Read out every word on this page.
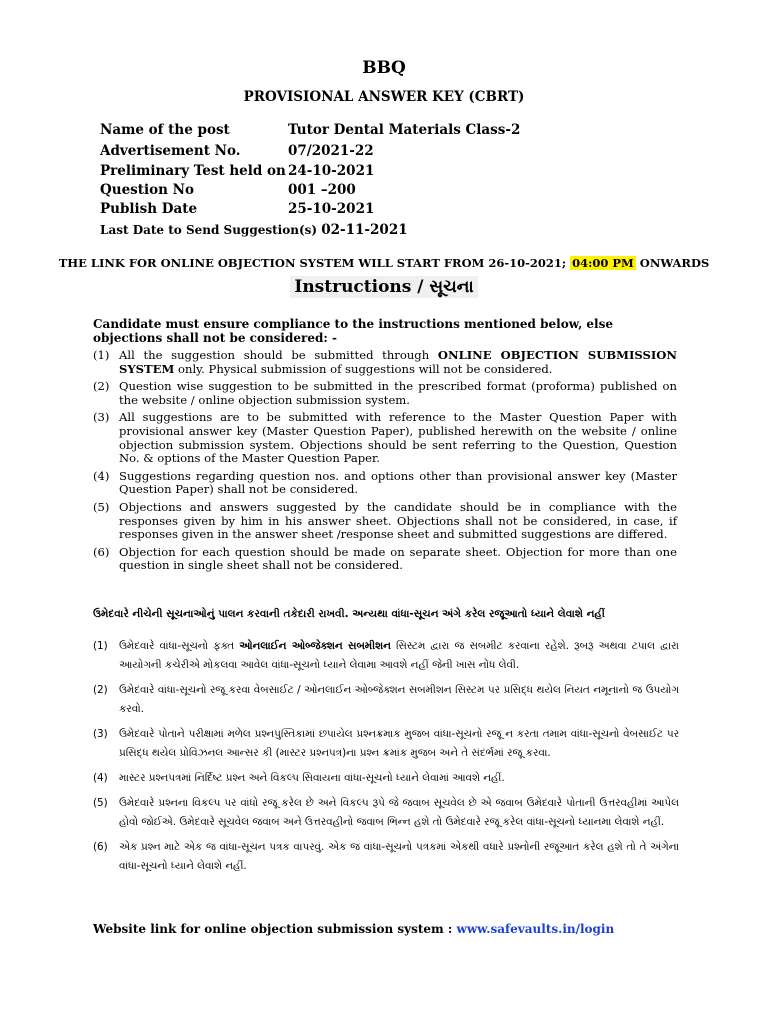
BBQ
PROVISIONAL ANSWER KEY (CBRT)
Name of the post	Tutor Dental Materials Class-2
Advertisement No.	07/2021-22
Preliminary Test held on 24-10-2021
Question No	001 –200
Publish Date	25-10-2021
Last Date to Send Suggestion(s) 02-11-2021
THE LINK FOR ONLINE OBJECTION SYSTEM WILL START FROM 26-10-2021; 04:00 PM ONWARDS
Instructions / સૂચના
Candidate must ensure compliance to the instructions mentioned below, else objections shall not be considered: -
(1) All the suggestion should be submitted through ONLINE OBJECTION SUBMISSION SYSTEM only. Physical submission of suggestions will not be considered.
(2) Question wise suggestion to be submitted in the prescribed format (proforma) published on the website / online objection submission system.
(3) All suggestions are to be submitted with reference to the Master Question Paper with provisional answer key (Master Question Paper), published herewith on the website / online objection submission system. Objections should be sent referring to the Question, Question No. & options of the Master Question Paper.
(4) Suggestions regarding question nos. and options other than provisional answer key (Master Question Paper) shall not be considered.
(5) Objections and answers suggested by the candidate should be in compliance with the responses given by him in his answer sheet. Objections shall not be considered, in case, if responses given in the answer sheet /response sheet and submitted suggestions are differed.
(6) Objection for each question should be made on separate sheet. Objection for more than one question in single sheet shall not be considered.
ઉમેદવારે નીચેની સૂચનાઓનું પાલન કરવાની તકેદારી રાખવી. અન્યથા વાંધા-સૂચન અંગે કરેલ રજૂઆતો ધ્યાને લેવાશે નહીં
(1) ઉમેદવારે વાંધા-સૂચનો ફક્ત ઓનલાઈન ઓબ્જેક્શન સબમીશન સિસ્ટમ દ્વારા જ સબમીટ કરવાના રહેશે. રૂબરૂ અથવા ટપાલ દ્વારા આયોગની કચેરીએ મોકલવા આવેલ વાંધા-સૂચનો ધ્યાને લેવામા આવશે નહીં જેની ખાસ નોંધ લેવી.
(2) ઉમેદવારે વાંધા-સૂચનો રજૂ કરવા વેબસાઈટ / ઓનલાઈન ઓબ્જેક્શન સબમીશન સિસ્ટમ પર પ્રસિદ્ધ થયેલ નિયત નમૂનાનો જ ઉપયોગ કરવો.
(3) ઉમેદવારે પોતાને પરીક્ષામાં મળેલ પ્રશ્નપુસ્તિકામાં છપાયેલ પ્રશ્નક્રમાક મુજબ વાંધા-સૂચનો રજૂ ન કરતા તમામ વાંધા-સૂચનો વેબસાઈટ પર પ્રસિદ્ધ થયેલ પ્રોવિઝનલ આન્સર કી (માસ્ટર પ્રશ્નપત્ર)ના પ્રશ્ન ક્રમાંક મુજબ અને તે સંદર્ભમાં રજૂ કરવા.
(4) માસ્ટર પ્રશ્નપત્રમાં નિર્દિષ્ટ પ્રશ્ન અને વિકલ્પ સિવાયના વાંધા-સૂચનો ધ્યાને લેવામાં આવશે નહીં.
(5) ઉમેદવારે પ્રશ્નના વિકલ્પ પર વાંધો રજૂ કરેલ છે અને વિકલ્પ રૂપે જે જવાબ સૂચવેલ છે એ જવાબ ઉમેદવારે પોતાની ઉત્તરવહીમાં આપેલ હોવો જોઈએ. ઉમેદવારે સૂચવેલ જવાબ અને ઉત્તરવહીનો જવાબ ભિન્ન હશે તો ઉમેદવારે રજૂ કરેલ વાંધા-સૂચનો ધ્યાનમા લેવાશે નહીં.
(6) એક પ્રશ્ન માટે એક જ વાંધા-સૂચન પત્રક વાપરવું. એક જ વાંધા-સૂચનો પત્રકમાં એકથી વધારે પ્રશ્નોની રજૂઆત કરેલ હશે તો તે અંગેના વાંધા-સૂચનો ધ્યાને લેવાશે નહીં.
Website link for online objection submission system : www.safevaults.in/login
